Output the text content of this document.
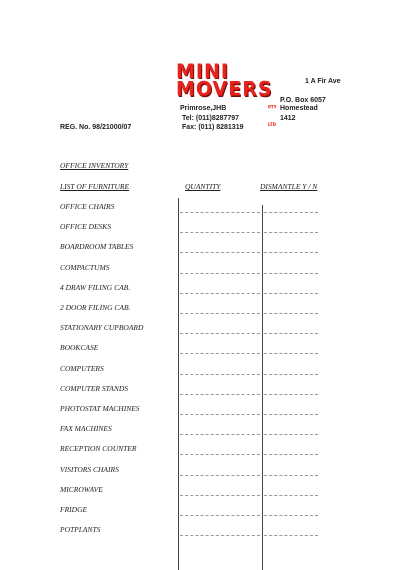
MINI
MOVERS
PTY LTD
1 A Fir Ave
P.O. Box 6057
Primrose,JHB	Homestead
Tel: (011)8287797	1412
Fax: (011) 8281319
REG. No. 98/21000/07
OFFICE INVENTORY
LIST OF FURNITURE	QUANTITY	DISMANTLE Y / N
OFFICE CHAIRS
OFFICE DESKS
BOARDROOM TABLES
COMPACTUMS
4 DRAW FILING CAB.
2 DOOR FILING CAB.
STATIONARY CUPBOARD
BOOKCASE
COMPUTERS
COMPUTER STANDS
PHOTOSTAT MACHINES
FAX MACHINES
RECEPTION COUNTER
VISITORS CHAIRS
MICROWAVE
FRIDGE
POTPLANTS
